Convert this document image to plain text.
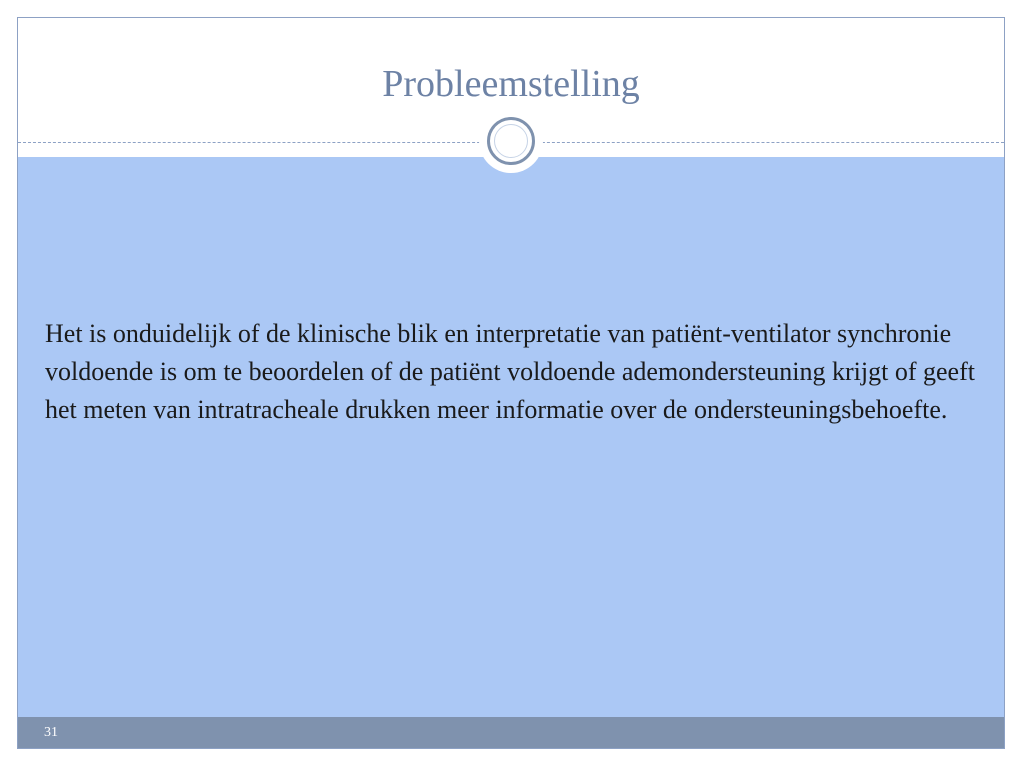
Probleemstelling

Het is onduidelijk of de klinische blik en interpretatie van patiënt-ventilator synchronie voldoende is om te beoordelen of de patiënt voldoende ademondersteuning krijgt of geeft het meten van intratracheale drukken meer informatie over de ondersteuningsbehoefte.

31
